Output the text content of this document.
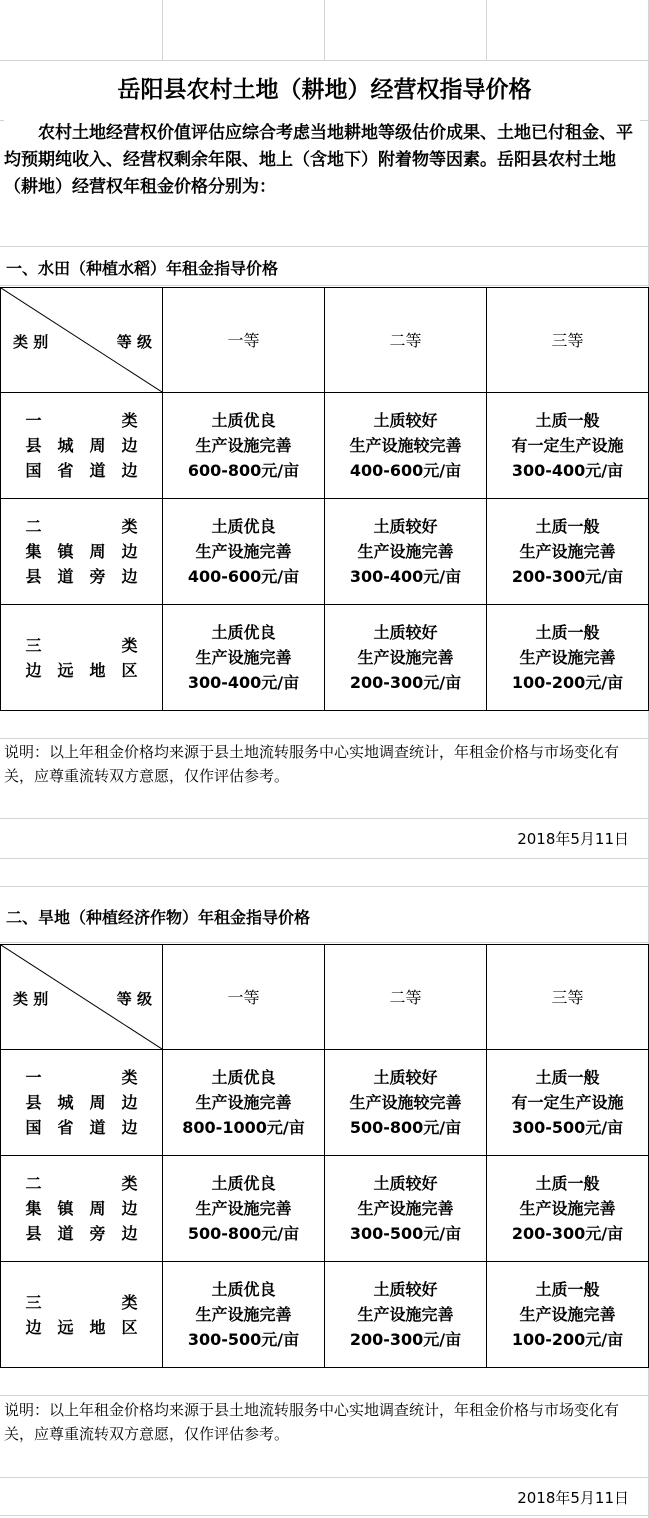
岳阳县农村土地（耕地）经营权指导价格
农村土地经营权价值评估应综合考虑当地耕地等级估价成果、土地已付租金、平均预期纯收入、经营权剩余年限、地上（含地下）附着物等因素。岳阳县农村土地（耕地）经营权年租金价格分别为：
一、水田（种植水稻）年租金指导价格
类 别 等 级	一等	二等	三等

一 类
县城周边
国省道边	土质优良
生产设施完善
600-800元/亩	土质较好
生产设施较完善
400-600元/亩	土质一般
有一定生产设施
300-400元/亩

二 类
集镇周边
县道旁边	土质优良
生产设施完善
400-600元/亩	土质较好
生产设施完善
300-400元/亩	土质一般
生产设施完善
200-300元/亩

三 类
边远地区	土质优良
生产设施完善
300-400元/亩	土质较好
生产设施完善
200-300元/亩	土质一般
生产设施完善
100-200元/亩
说明：以上年租金价格均来源于县土地流转服务中心实地调查统计，年租金价格与市场变化有关，应尊重流转双方意愿，仅作评估参考。
2018年5月11日
二、旱地（种植经济作物）年租金指导价格
类 别 等 级	一等	二等	三等

一 类
县城周边
国省道边	土质优良
生产设施完善
800-1000元/亩	土质较好
生产设施较完善
500-800元/亩	土质一般
有一定生产设施
300-500元/亩

二 类
集镇周边
县道旁边	土质优良
生产设施完善
500-800元/亩	土质较好
生产设施完善
300-500元/亩	土质一般
生产设施完善
200-300元/亩

三 类
边远地区	土质优良
生产设施完善
300-500元/亩	土质较好
生产设施完善
200-300元/亩	土质一般
生产设施完善
100-200元/亩
说明：以上年租金价格均来源于县土地流转服务中心实地调查统计，年租金价格与市场变化有关，应尊重流转双方意愿，仅作评估参考。
2018年5月11日
